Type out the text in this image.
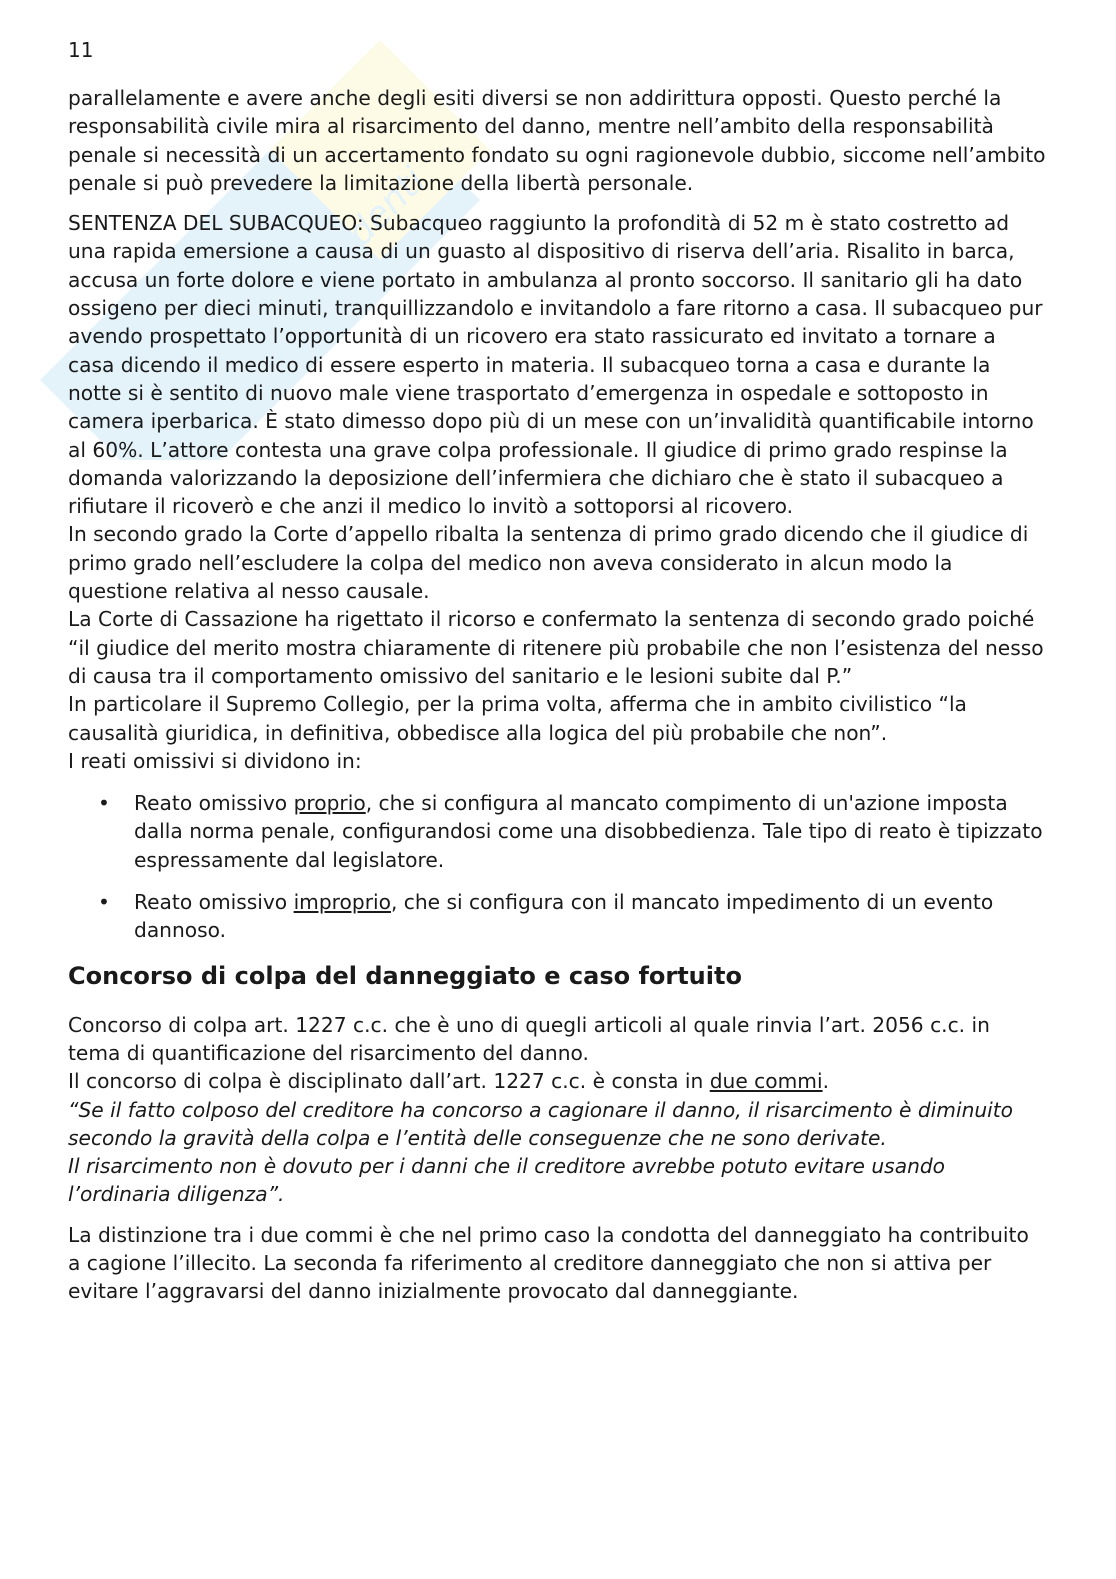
Studenti
11

parallelamente e avere anche degli esiti diversi se non addirittura opposti. Questo perché la responsabilità civile mira al risarcimento del danno, mentre nell’ambito della responsabilità penale si necessità di un accertamento fondato su ogni ragionevole dubbio, siccome nell’ambito penale si può prevedere la limitazione della libertà personale.

SENTENZA DEL SUBACQUEO: Subacqueo raggiunto la profondità di 52 m è stato costretto ad una rapida emersione a causa di un guasto al dispositivo di riserva dell’aria. Risalito in barca, accusa un forte dolore e viene portato in ambulanza al pronto soccorso. Il sanitario gli ha dato ossigeno per dieci minuti, tranquillizzandolo e invitandolo a fare ritorno a casa. Il subacqueo pur avendo prospettato l’opportunità di un ricovero era stato rassicurato ed invitato a tornare a casa dicendo il medico di essere esperto in materia. Il subacqueo torna a casa e durante la notte si è sentito di nuovo male viene trasportato d’emergenza in ospedale e sottoposto in camera iperbarica. È stato dimesso dopo più di un mese con un’invalidità quantificabile intorno al 60%. L’attore contesta una grave colpa professionale. Il giudice di primo grado respinse la domanda valorizzando la deposizione dell’infermiera che dichiaro che è stato il subacqueo a rifiutare il ricoverò e che anzi il medico lo invitò a sottoporsi al ricovero.

In secondo grado la Corte d’appello ribalta la sentenza di primo grado dicendo che il giudice di primo grado nell’escludere la colpa del medico non aveva considerato in alcun modo la questione relativa al nesso causale.

La Corte di Cassazione ha rigettato il ricorso e confermato la sentenza di secondo grado poiché “il giudice del merito mostra chiaramente di ritenere più probabile che non l’esistenza del nesso di causa tra il comportamento omissivo del sanitario e le lesioni subite dal P.”

In particolare il Supremo Collegio, per la prima volta, afferma che in ambito civilistico “la causalità giuridica, in definitiva, obbedisce alla logica del più probabile che non”.

I reati omissivi si dividono in:

• Reato omissivo proprio, che si configura al mancato compimento di un'azione imposta dalla norma penale, configurandosi come una disobbedienza. Tale tipo di reato è tipizzato espressamente dal legislatore.
• Reato omissivo improprio, che si configura con il mancato impedimento di un evento dannoso.
Concorso di colpa del danneggiato e caso fortuito

Concorso di colpa art. 1227 c.c. che è uno di quegli articoli al quale rinvia l’art. 2056 c.c. in tema di quantificazione del risarcimento del danno.

Il concorso di colpa è disciplinato dall’art. 1227 c.c. è consta in due commi.

“Se il fatto colposo del creditore ha concorso a cagionare il danno, il risarcimento è diminuito secondo la gravità della colpa e l’entità delle conseguenze che ne sono derivate.

Il risarcimento non è dovuto per i danni che il creditore avrebbe potuto evitare usando l’ordinaria diligenza”.

La distinzione tra i due commi è che nel primo caso la condotta del danneggiato ha contribuito a cagione l’illecito. La seconda fa riferimento al creditore danneggiato che non si attiva per evitare l’aggravarsi del danno inizialmente provocato dal danneggiante.
